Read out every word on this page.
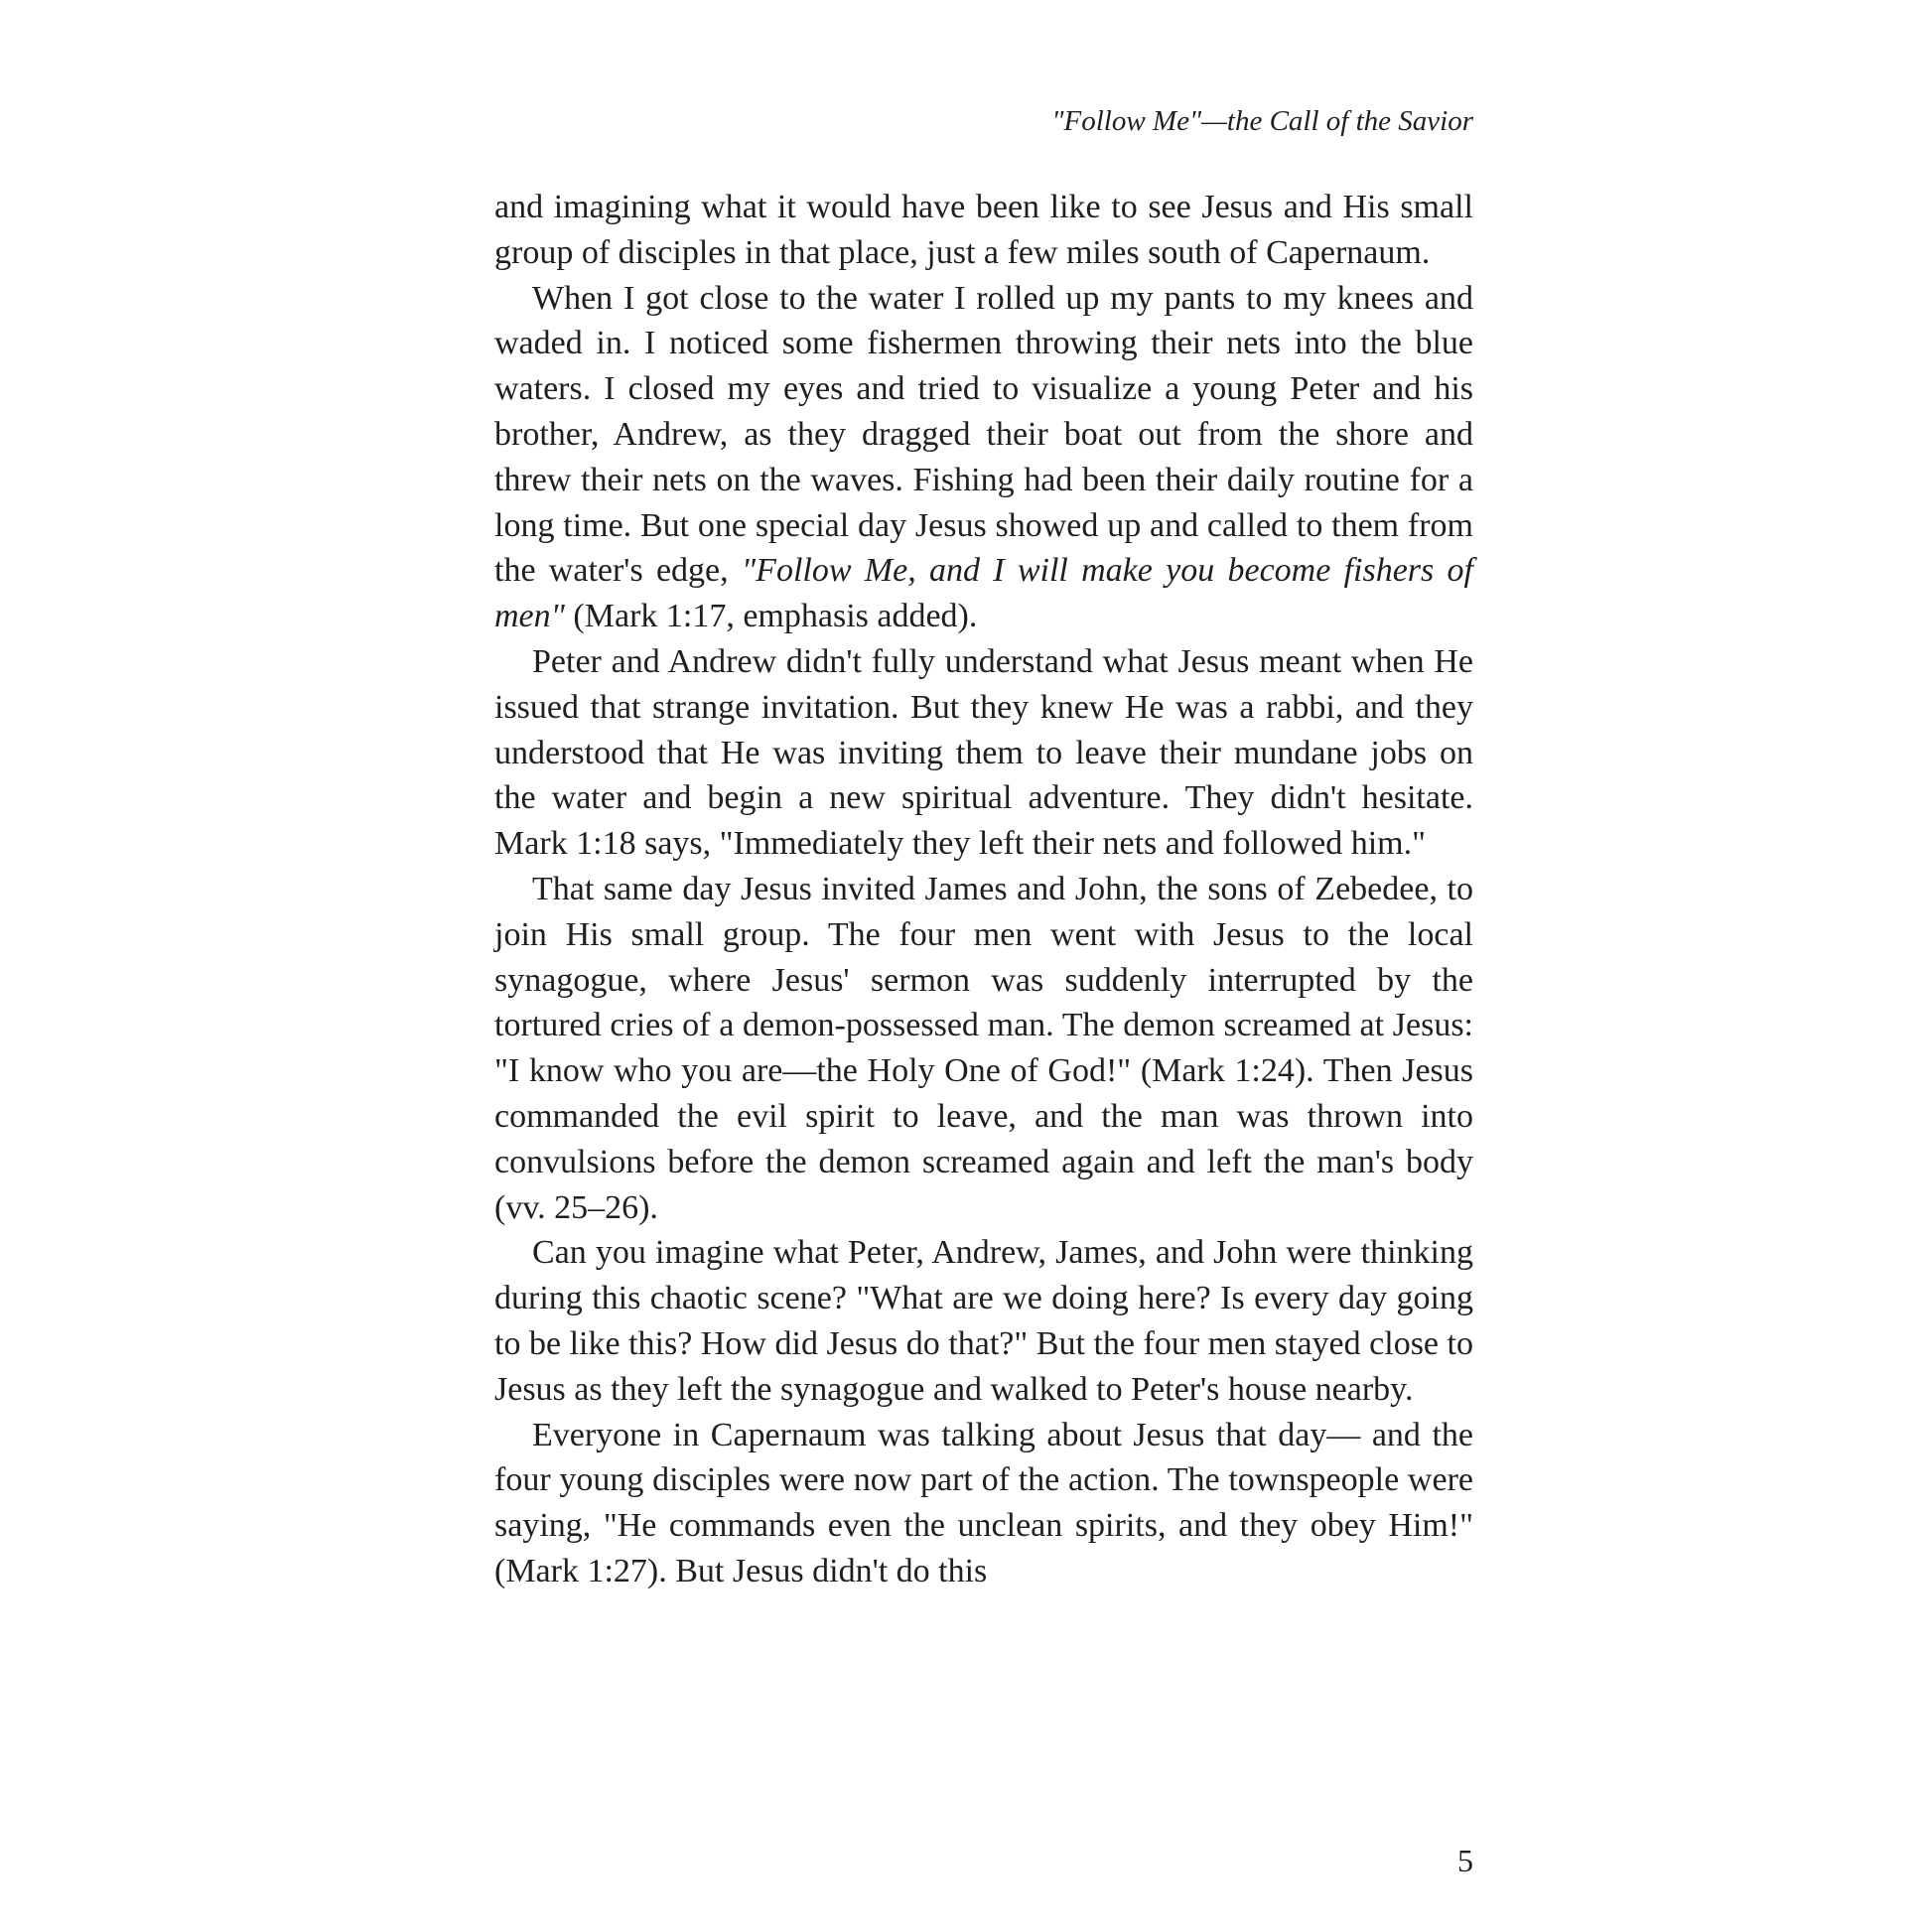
"Follow Me"—the Call of the Savior

and imagining what it would have been like to see Jesus and His small group of disciples in that place, just a few miles south of Capernaum.

When I got close to the water I rolled up my pants to my knees and waded in. I noticed some fishermen throwing their nets into the blue waters. I closed my eyes and tried to visualize a young Peter and his brother, Andrew, as they dragged their boat out from the shore and threw their nets on the waves. Fishing had been their daily routine for a long time. But one special day Jesus showed up and called to them from the water's edge, "Follow Me, and I will make you become fishers of men" (Mark 1:17, emphasis added).

Peter and Andrew didn't fully understand what Jesus meant when He issued that strange invitation. But they knew He was a rabbi, and they understood that He was inviting them to leave their mundane jobs on the water and begin a new spiritual adventure. They didn't hesitate. Mark 1:18 says, "Immediately they left their nets and followed him."

That same day Jesus invited James and John, the sons of Zebedee, to join His small group. The four men went with Jesus to the local synagogue, where Jesus' sermon was suddenly interrupted by the tortured cries of a demon-possessed man. The demon screamed at Jesus: "I know who you are—the Holy One of God!" (Mark 1:24). Then Jesus commanded the evil spirit to leave, and the man was thrown into convulsions before the demon screamed again and left the man's body (vv. 25–26).

Can you imagine what Peter, Andrew, James, and John were thinking during this chaotic scene? "What are we doing here? Is every day going to be like this? How did Jesus do that?" But the four men stayed close to Jesus as they left the synagogue and walked to Peter's house nearby.

Everyone in Capernaum was talking about Jesus that day— and the four young disciples were now part of the action. The townspeople were saying, "He commands even the unclean spirits, and they obey Him!" (Mark 1:27). But Jesus didn't do this

5
